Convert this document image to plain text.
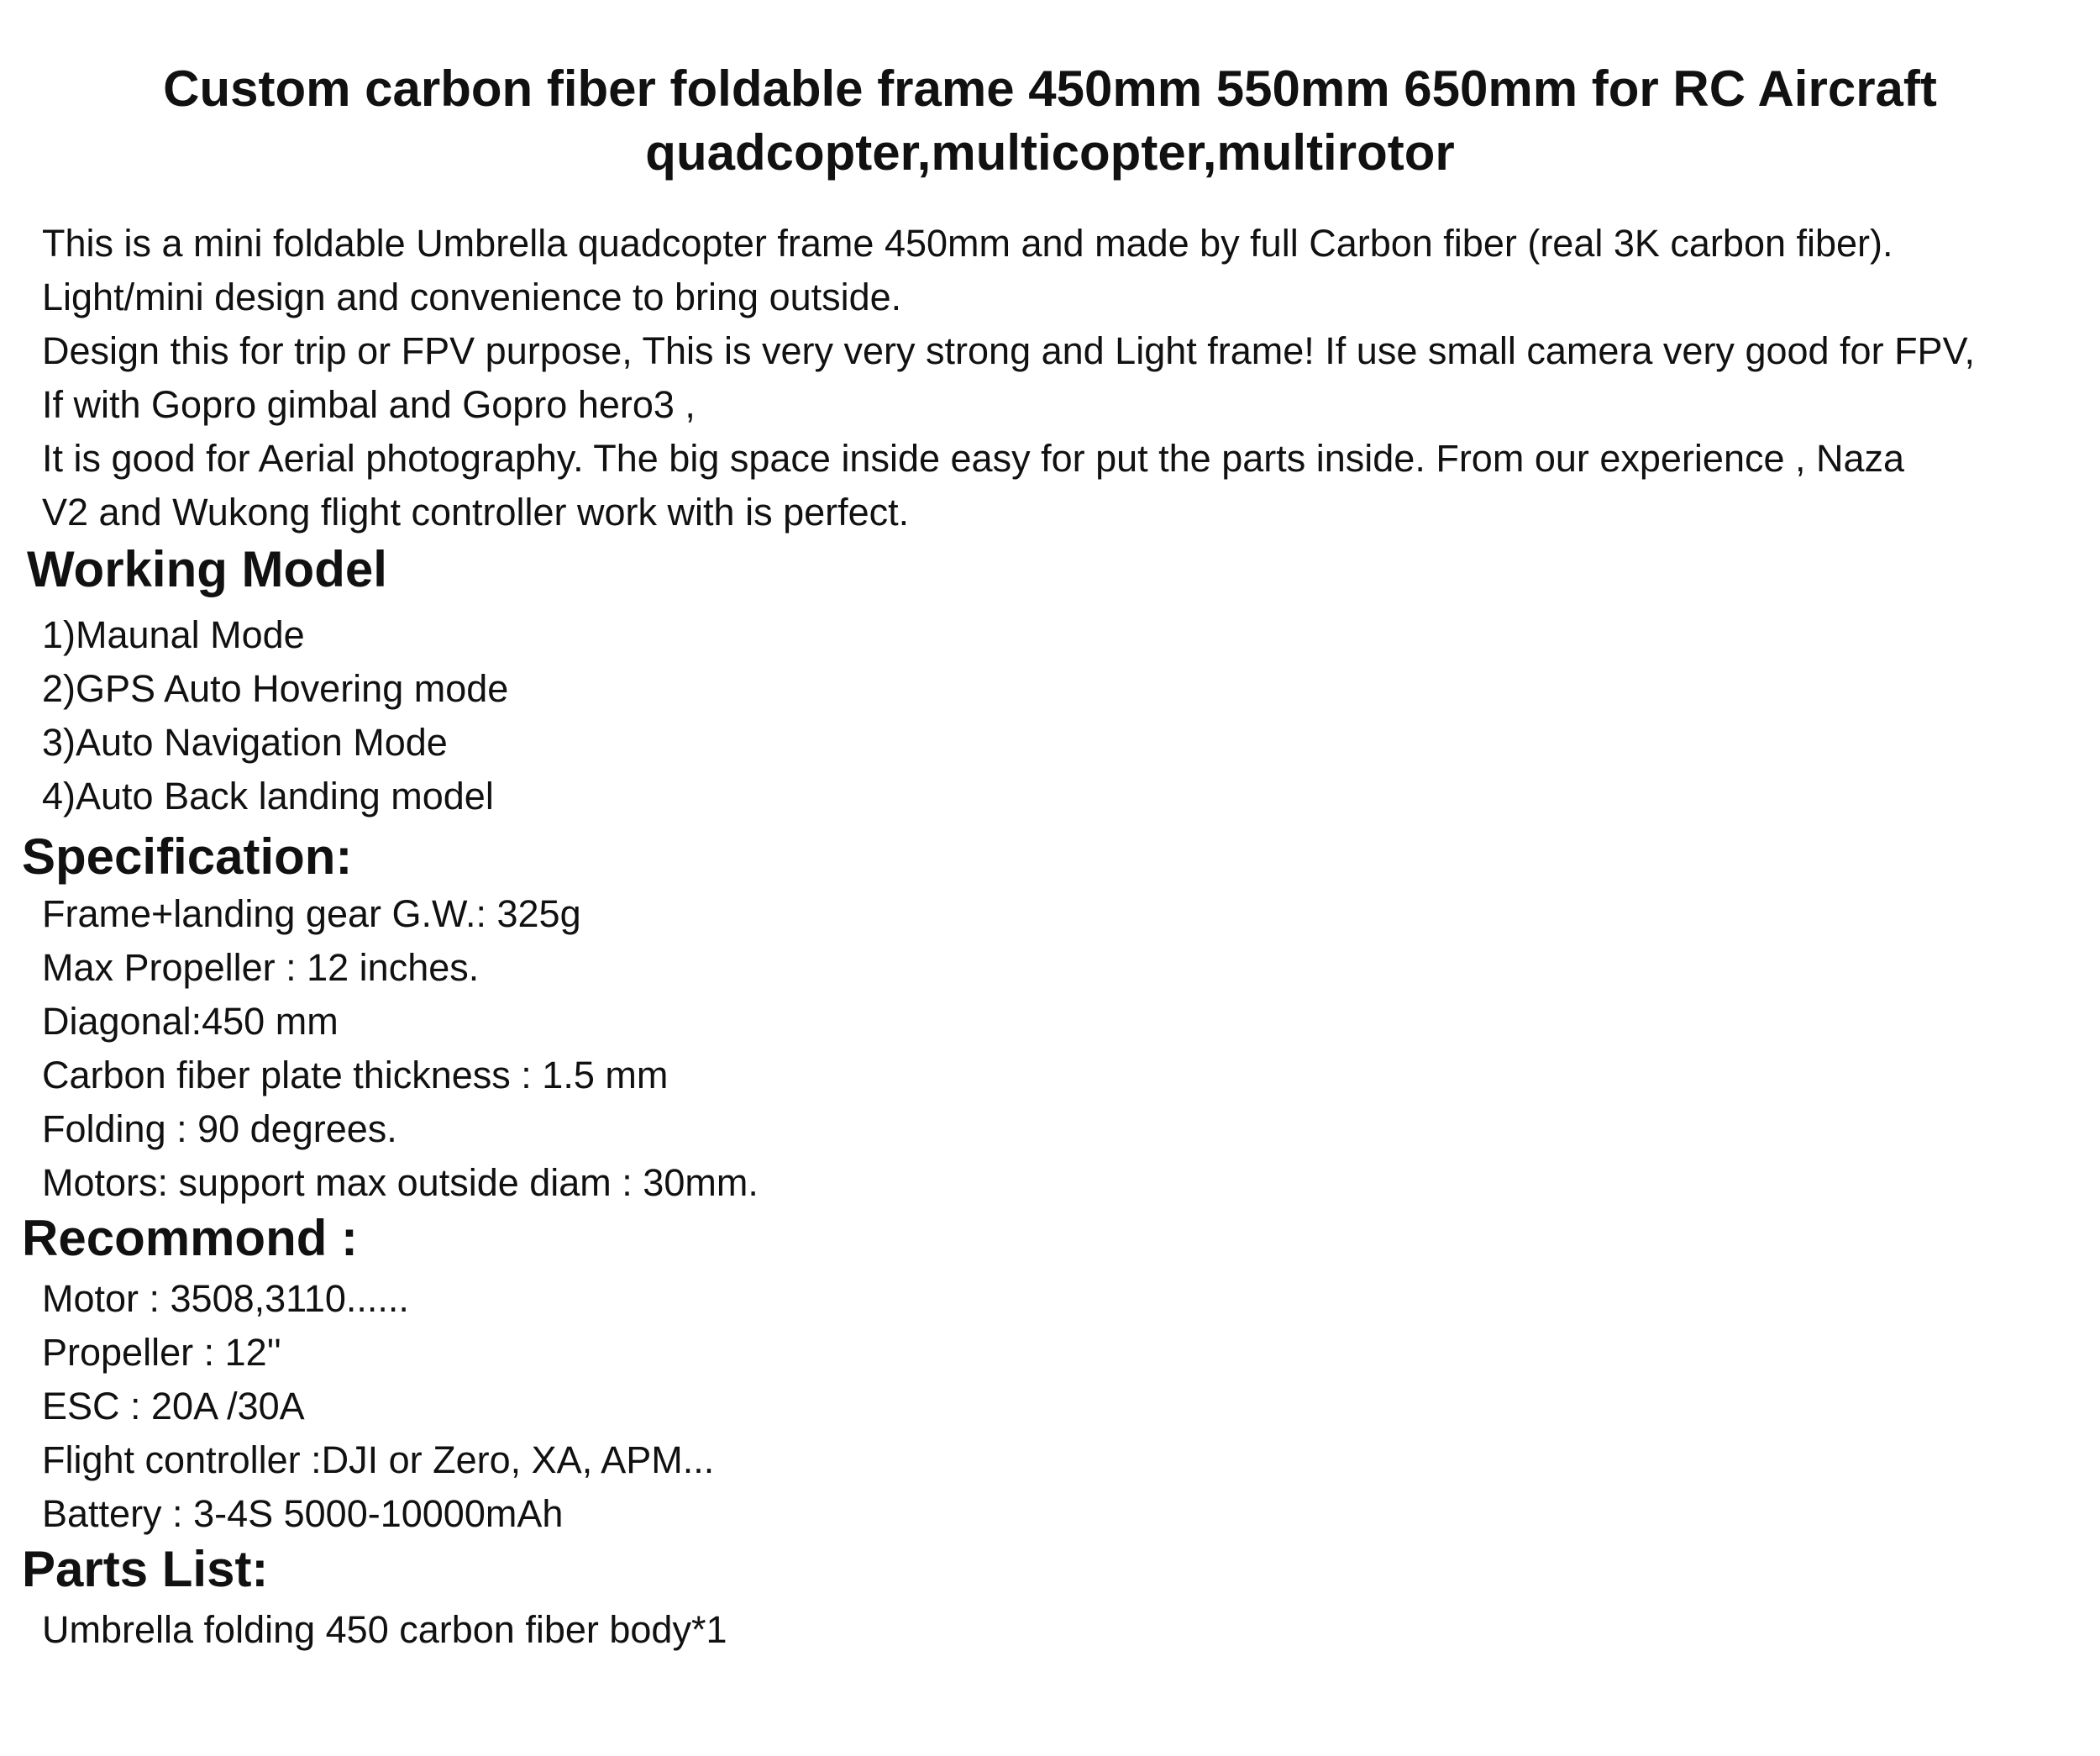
Custom carbon fiber foldable frame 450mm 550mm 650mm for RC Aircraft
quadcopter,multicopter,multirotor
This is a mini foldable Umbrella quadcopter frame 450mm and made by full Carbon fiber (real 3K carbon fiber).
Light/mini design and convenience to bring outside.
Design this for trip or FPV purpose, This is very very strong and Light frame! If use small camera very good for FPV,
If with Gopro gimbal and Gopro hero3 ,
It is good for Aerial photography. The big space inside easy for put the parts inside. From our experience , Naza
V2 and Wukong flight controller work with is perfect.
Working Model
1)Maunal Mode
2)GPS Auto Hovering mode
3)Auto Navigation Mode
4)Auto Back landing model
Specification:
Frame+landing gear G.W.: 325g
Max Propeller : 12 inches.
Diagonal:450 mm
Carbon fiber plate thickness : 1.5 mm
Folding : 90 degrees.
Motors: support max outside diam : 30mm.
Recommond :
Motor : 3508,3110......
Propeller : 12''
ESC : 20A /30A
Flight controller :DJI or Zero, XA, APM...
Battery : 3-4S 5000-10000mAh
Parts List:
Umbrella folding 450 carbon fiber body*1
